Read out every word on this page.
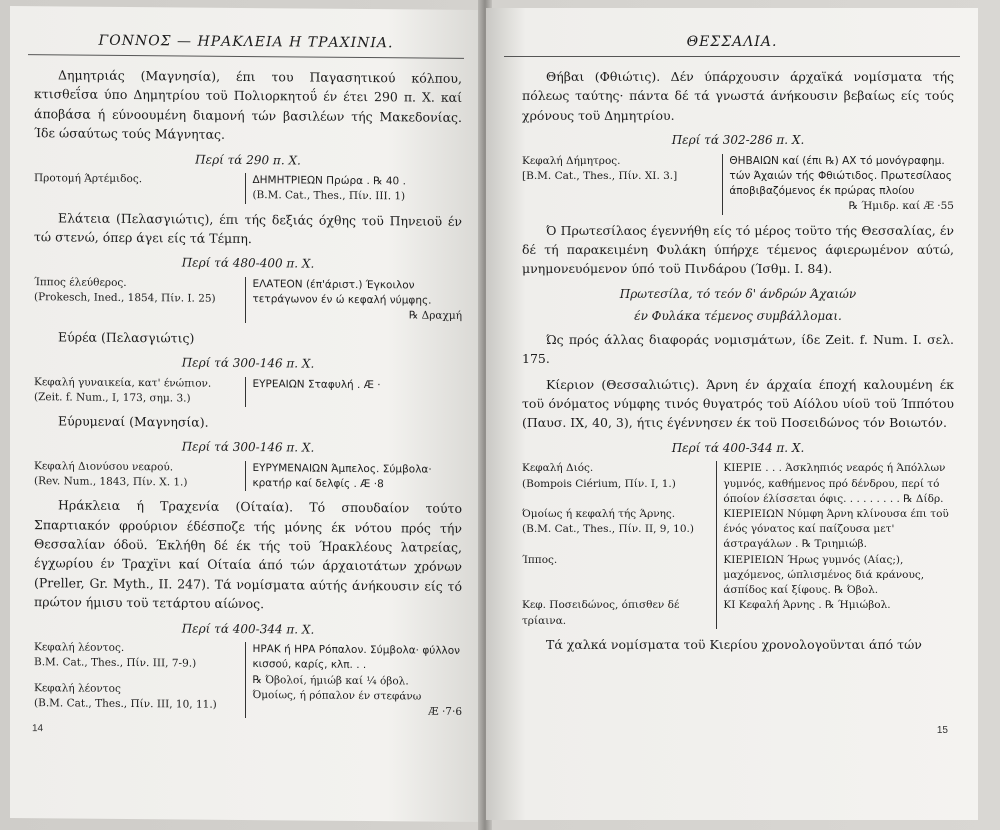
ΓΟΝΝΟΣ — ΗΡΑΚΛΕΙΑ Η ΤΡΑΧΙΝΙΑ.

Δημητριάς (Μαγνησία), έπι του Παγασητικού κόλπου, κτισθεΐσα ύπο Δημητρίου τοϋ Πολιορκητοΰ έν έτει 290 π. Χ. καί άποβάσα ή εύνοουμένη διαμονή τών βασιλέων τής Μακεδονίας. Ίδε ώσαύτως τούς Μάγνητας.

Περί τά 290 π. Χ.
Προτομή Άρτέμιδος.	ΔΗΜΗΤΡΙΕΩΝ Πρώρα . ℞ 40 .
(Β.Μ. Cat., Thes., Πίν. III. 1)

Ελάτεια (Πελασγιώτις), έπι τής δεξιάς όχθης τοϋ Πηνειοϋ έν τώ στενώ, όπερ άγει είς τά Τέμπη.

Περί τά 480-400 π. Χ.
Ίππος έλεύθερος.
(Prokesch, Ined., 1854, Πίν. I. 25)
ΕΛΑΤΕΟΝ (έπ'άριστ.) Έγκοιλον τετράγωνον έν ώ κεφαλή νύμφης.
℞ Δραχμή

Εύρέα (Πελασγιώτις)

Περί τά 300-146 π. Χ.
Κεφαλή γυναικεία, κατ' ένώπιον.
(Zeit. f. Num., I, 173, σημ. 3.)
ΕΥΡΕΑΙΩΝ Σταφυλή . Æ ·

Εύρυμεναί (Μαγνησία).

Περί τά 300-146 π. Χ.
Κεφαλή Διονύσου νεαρού.
(Rev. Num., 1843, Πίν. X. 1.)
ΕΥΡΥΜΕΝΑΙΩΝ Άμπελος. Σύμβολα· κρατήρ καί δελφίς . Æ ·8

Ηράκλεια ή Τραχενία (Οίταία). Τό σπουδαίον τούτο Σπαρτιακόν φρούριον έδέσποζε τής μόνης έκ νότου πρός τήν Θεσσαλίαν όδοϋ. Έκλήθη δέ έκ τής τοϋ Ήρακλέους λατρείας, έγχωρίου έν Τραχϊνι καί Οίταία άπό τών άρχαιοτάτων χρόνων (Preller, Gr. Myth., II. 247). Τά νομίσματα αύτής άνήκουσιν είς τό πρώτον ήμισυ τοϋ τετάρτου αίώνος.

Περί τά 400-344 π. Χ.
Κεφαλή λέοντος.
Β.Μ. Cat., Thes., Πίν. III, 7-9.)
Κεφαλή λέοντος
(B.M. Cat., Thes., Πίν. III, 10, 11.)
ΗΡΑΚ ή ΗΡΑ Ρόπαλον. Σύμβολα· φύλλον κισσού, καρίς, κλπ. . .
℞ Όβολοί, ήμιώβ καί ¼ όβολ.
Όμοίως, ή ρόπαλον έν στεφάνω
Æ ·7·6
14
ΘΕΣΣΑΛΙΑ.

Θήβαι (Φθιώτις). Δέν ύπάρχουσιν άρχαϊκά νομίσματα τής πόλεως ταύτης· πάντα δέ τά γνωστά άνήκουσιν βεβαίως είς τούς χρόνους τοϋ Δημητρίου.

Περί τά 302-286 π. Χ.
Κεφαλή Δήμητρος.
[Β.Μ. Cat., Thes., Πίν. XI. 3.]
ΘΗΒΑΙΩΝ καί (έπι ℞) ΑΧ τό μονόγραφημ. τών Άχαιών τής Φθιώτιδος. Πρωτεσίλαος άποβιβαζόμενος έκ πρώρας πλοίου
℞ Ήμιδρ. καί Æ ·55

Ό Πρωτεσίλαος έγεννήθη είς τό μέρος τοϋτο τής Θεσσαλίας, έν δέ τή παρακειμένη Φυλάκη ύπήρχε τέμενος άφιερωμένον αύτώ, μνημονευόμενον ύπό τοϋ Πινδάρου (Ίσθμ. I. 84).

Πρωτεσίλα, τό τεόν δ' άνδρών Άχαιών
έν Φυλάκα τέμενος συμβάλλομαι.

Ώς πρός άλλας διαφοράς νομισμάτων, ίδε Zeit. f. Num. I. σελ. 175.

Κίεριον (Θεσσαλιώτις). Άρνη έν άρχαία έποχή καλουμένη έκ τοϋ όνόματος νύμφης τινός θυγατρός τοϋ Αίόλου υίοϋ τοϋ Ίππότου (Παυσ. IX, 40, 3), ήτις έγέννησεν έκ τοϋ Ποσειδώνος τόν Βοιωτόν.

Περί τά 400-344 π. Χ.
Κεφαλή Διός.
(Bompois Ciérium, Πίν. I, 1.)
ΚΙΕΡΙΕ . . . Άσκληπιός νεαρός ή Άπόλλων γυμνός, καθήμενος πρό δένδρου, περί τό όποίον έλίσσεται όφις. . . . . . . . . ℞ Δίδρ.
Όμοίως ή κεφαλή τής Άρνης.
(Β.Μ. Cat., Thes., Πίν. II, 9, 10.)
ΚΙΕΡΙΕΙΩΝ Νύμφη Άρνη κλίνουσα έπι τοϋ ένός γόνατος καί παίζουσα μετ' άστραγάλων . ℞ Τριημιώβ.
Ίππος.	ΚΙΕΡΙΕΙΩΝ Ήρως γυμνός (Αίας;), μαχόμενος, ώπλισμένος διά κράνους, άσπίδος καί ξίφους. ℞ Όβολ.
Κεφ. Ποσειδώνος, όπισθεν δέ τρίαινα.
ΚΙ Κεφαλή Άρνης . ℞ Ήμιώβολ.

Τά χαλκά νομίσματα τοϋ Κιερίου χρονολογοϋνται άπό τών

15
